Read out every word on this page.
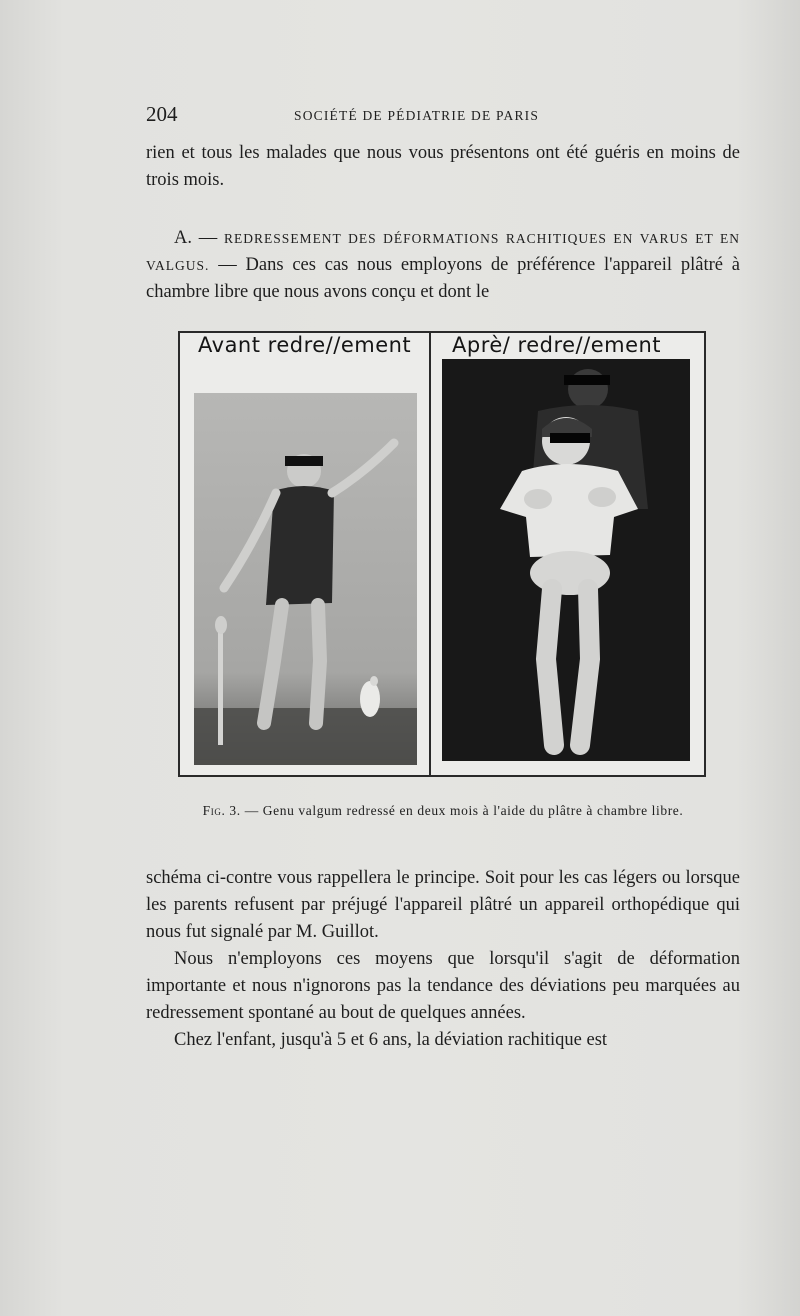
204	SOCIÉTÉ DE PÉDIATRIE DE PARIS

rien et tous les malades que nous vous présentons ont été guéris en moins de trois mois.

A. — REDRESSEMENT DES DÉFORMATIONS RACHITIQUES EN VARUS ET EN VALGUS. — Dans ces cas nous employons de préférence l'appareil plâtré à chambre libre que nous avons conçu et dont le

Avant redre//ement Aprè/ redre//ement
Fig. 3. — Genu valgum redressé en deux mois à l'aide du plâtre à chambre libre.

schéma ci-contre vous rappellera le principe. Soit pour les cas légers ou lorsque les parents refusent par préjugé l'appareil plâtré un appareil orthopédique qui nous fut signalé par M. Guillot.

Nous n'employons ces moyens que lorsqu'il s'agit de déformation importante et nous n'ignorons pas la tendance des déviations peu marquées au redressement spontané au bout de quelques années.

Chez l'enfant, jusqu'à 5 et 6 ans, la déviation rachitique est
